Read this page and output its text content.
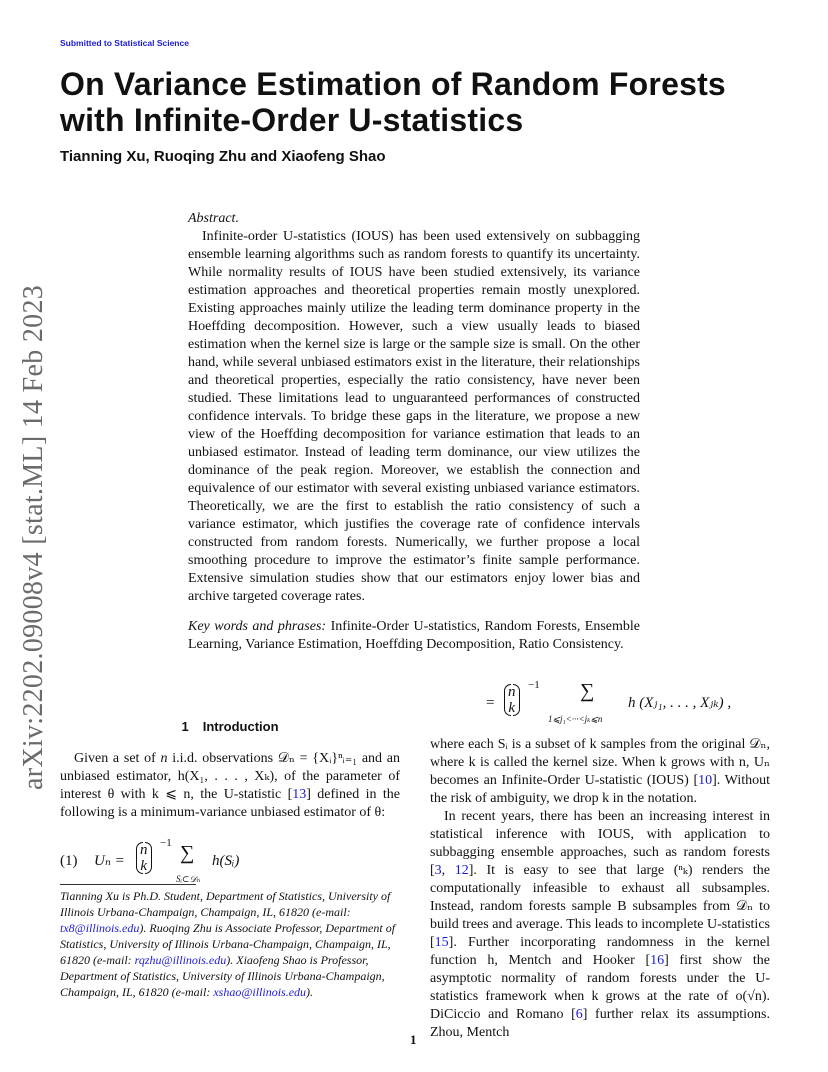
Submitted to Statistical Science
On Variance Estimation of Random Forests with Infinite-Order U-statistics
Tianning Xu, Ruoqing Zhu and Xiaofeng Shao
arXiv:2202.09008v4 [stat.ML] 14 Feb 2023
Abstract.

Infinite-order U-statistics (IOUS) has been used extensively on subbagging ensemble learning algorithms such as random forests to quantify its uncertainty. While normality results of IOUS have been studied extensively, its variance estimation approaches and theoretical properties remain mostly unexplored. Existing approaches mainly utilize the leading term dominance property in the Hoeffding decomposition. However, such a view usually leads to biased estimation when the kernel size is large or the sample size is small. On the other hand, while several unbiased estimators exist in the literature, their relationships and theoretical properties, especially the ratio consistency, have never been studied. These limitations lead to unguaranteed performances of constructed confidence intervals. To bridge these gaps in the literature, we propose a new view of the Hoeffding decomposition for variance estimation that leads to an unbiased estimator. Instead of leading term dominance, our view utilizes the dominance of the peak region. Moreover, we establish the connection and equivalence of our estimator with several existing unbiased variance estimators. Theoretically, we are the first to establish the ratio consistency of such a variance estimator, which justifies the coverage rate of confidence intervals constructed from random forests. Numerically, we further propose a local smoothing procedure to improve the estimator’s finite sample performance. Extensive simulation studies show that our estimators enjoy lower bias and archive targeted coverage rates.

Key words and phrases: Infinite-Order U-statistics, Random Forests, Ensemble Learning, Variance Estimation, Hoeffding Decomposition, Ratio Consistency.
1 Introduction

Given a set of n i.i.d. observations 𝒟ₙ = {Xᵢ}ⁿᵢ₌₁ and an unbiased estimator, h(X₁, . . . , Xₖ), of the parameter of interest θ with k ⩽ n, the U-statistic [13] defined in the following is a minimum-variance unbiased estimator of θ:

(1) Uₙ =
n
k
−1 ∑
Sᵢ⊂𝒟ₙ
h(Sᵢ)
=
n
k
−1 ∑
1⩽j₁<···<jₖ⩽n
h (Xⱼ₁, . . . , Xⱼₖ) ,

where each Sᵢ is a subset of k samples from the original 𝒟ₙ, where k is called the kernel size. When k grows with n, Uₙ becomes an Infinite-Order U-statistic (IOUS) [10]. Without the risk of ambiguity, we drop k in the notation.

In recent years, there has been an increasing interest in statistical inference with IOUS, with application to subbagging ensemble approaches, such as random forests [3, 12]. It is easy to see that large (ⁿₖ) renders the computationally infeasible to exhaust all subsamples. Instead, random forests sample B subsamples from 𝒟ₙ to build trees and average. This leads to incomplete U-statistics [15]. Further incorporating randomness in the kernel function h, Mentch and Hooker [16] first show the asymptotic normality of random forests under the U-statistics framework when k grows at the rate of o(√n). DiCiccio and Romano [6] further relax its assumptions. Zhou, Mentch

Tianning Xu is Ph.D. Student, Department of Statistics, University of Illinois Urbana-Champaign, Champaign, IL, 61820 (e-mail: tx8@illinois.edu). Ruoqing Zhu is Associate Professor, Department of Statistics, University of Illinois Urbana-Champaign, Champaign, IL, 61820 (e-mail: rqzhu@illinois.edu). Xiaofeng Shao is Professor, Department of Statistics, University of Illinois Urbana-Champaign, Champaign, IL, 61820 (e-mail: xshao@illinois.edu).
1
